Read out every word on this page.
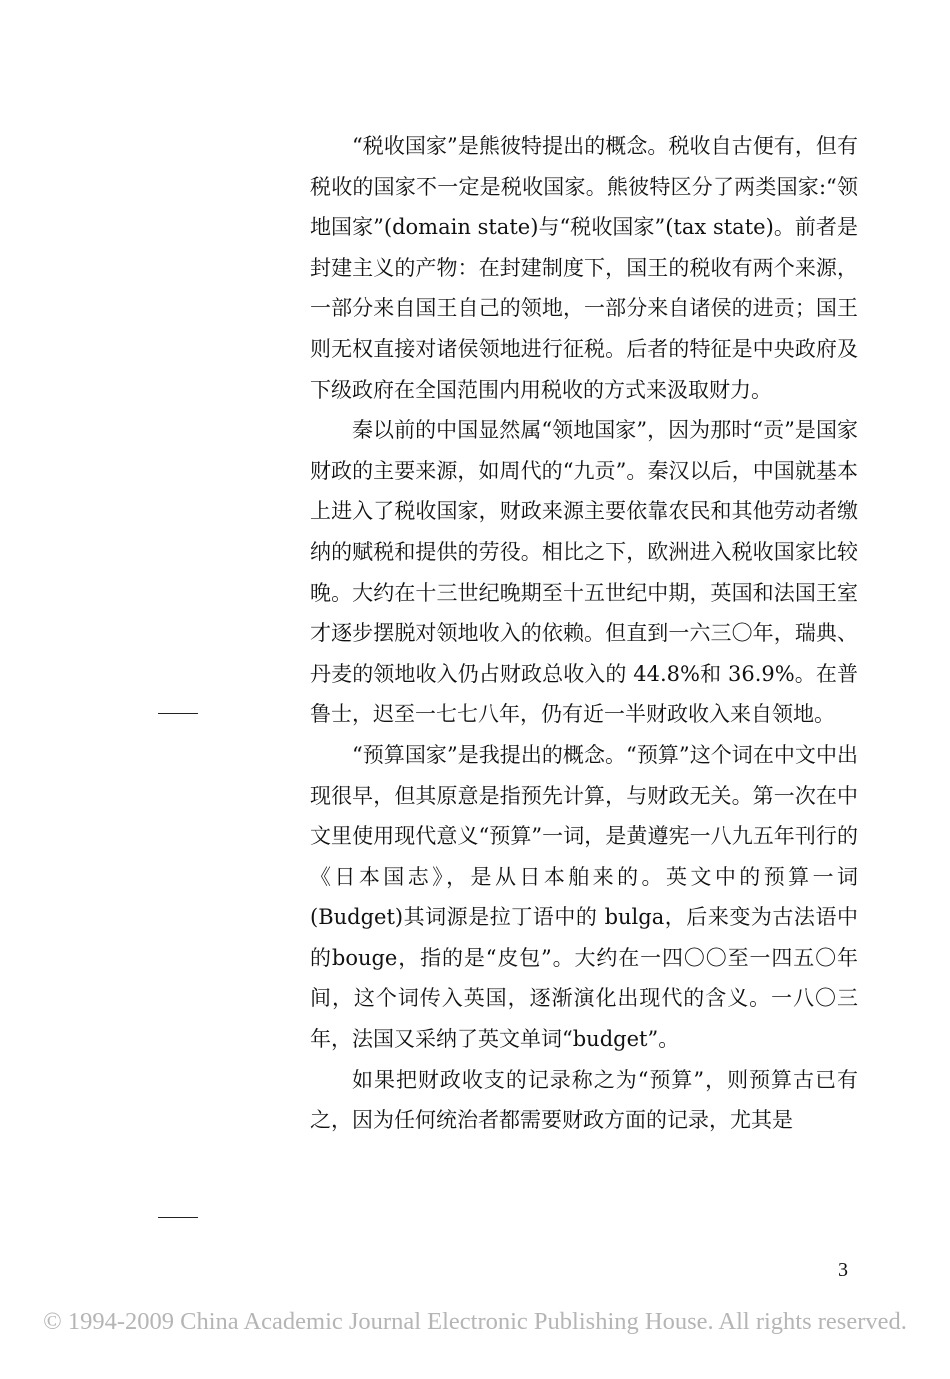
“税收国家”是熊彼特提出的概念。税收自古便有，但有税收的国家不一定是税收国家。熊彼特区分了两类国家:“领地国家”(domain state)与“税收国家”(tax state)。前者是封建主义的产物：在封建制度下，国王的税收有两个来源，一部分来自国王自己的领地，一部分来自诸侯的进贡；国王则无权直接对诸侯领地进行征税。后者的特征是中央政府及下级政府在全国范围内用税收的方式来汲取财力。

秦以前的中国显然属“领地国家”，因为那时“贡”是国家财政的主要来源，如周代的“九贡”。秦汉以后，中国就基本上进入了税收国家，财政来源主要依靠农民和其他劳动者缴纳的赋税和提供的劳役。相比之下，欧洲进入税收国家比较晚。大约在十三世纪晚期至十五世纪中期，英国和法国王室才逐步摆脱对领地收入的依赖。但直到一六三〇年，瑞典、丹麦的领地收入仍占财政总收入的 44.8%和 36.9%。在普鲁士，迟至一七七八年，仍有近一半财政收入来自领地。

“预算国家”是我提出的概念。“预算”这个词在中文中出现很早，但其原意是指预先计算，与财政无关。第一次在中文里使用现代意义“预算”一词，是黄遵宪一八九五年刊行的《日本国志》，是从日本舶来的。英文中的预算一词(Budget)其词源是拉丁语中的 bulga，后来变为古法语中的bouge，指的是“皮包”。大约在一四〇〇至一四五〇年间，这个词传入英国，逐渐演化出现代的含义。一八〇三年，法国又采纳了英文单词“budget”。

如果把财政收支的记录称之为“预算”，则预算古已有之，因为任何统治者都需要财政方面的记录，尤其是

3
© 1994-2009 China Academic Journal Electronic Publishing House. All rights reserved.
